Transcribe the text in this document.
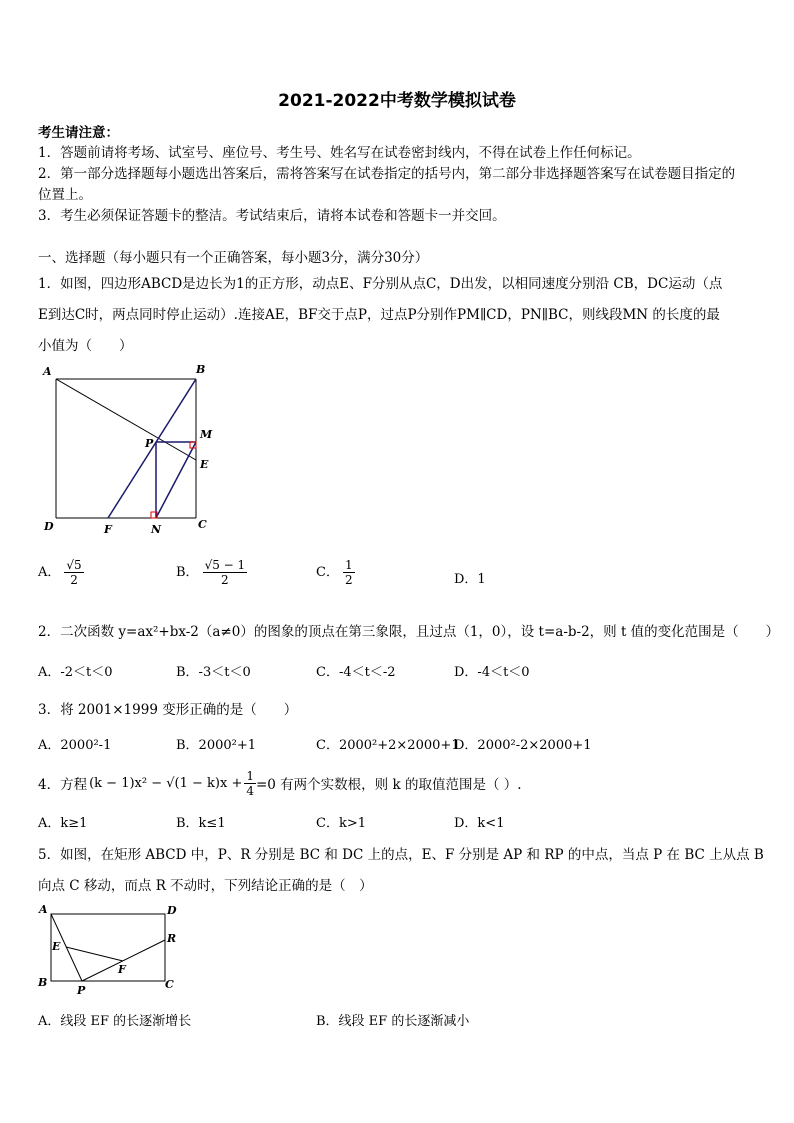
2021-2022中考数学模拟试卷
考生请注意：
1．答题前请将考场、试室号、座位号、考生号、姓名写在试卷密封线内，不得在试卷上作任何标记。
2．第一部分选择题每小题选出答案后，需将答案写在试卷指定的括号内，第二部分非选择题答案写在试卷题目指定的
位置上。
3．考生必须保证答题卡的整洁。考试结束后，请将本试卷和答题卡一并交回。
一、选择题（每小题只有一个正确答案，每小题3分，满分30分）
1．如图，四边形ABCD是边长为1的正方形，动点E、F分别从点C，D出发，以相同速度分别沿 CB，DC运动（点
E到达C时，两点同时停止运动）.连接AE，BF交于点P，过点P分别作PM∥CD，PN∥BC，则线段MN 的长度的最
小值为（　　）
A	B
P
M
E
D	F	N	C
A． $\frac{√5}{2}$	B． $\frac{√5 - 1}{2}$	C． $\frac{1}{2}$	D．1
2．二次函数 y=ax²+bx-2（a≠0）的图象的顶点在第三象限，且过点（1，0），设 t=a-b-2，则 t 值的变化范围是（　　）
A．-2＜t＜0	B．-3＜t＜0	C．-4＜t＜-2	D．-4＜t＜0
3．将 2001×1999 变形正确的是（　　）
A．2000²-1	B．2000²+1	C．2000²+2×2000+1
D．2000²-2×2000+1
4．方程 $(k - 1)x^2 - √(1 - k)x + \frac{1}{4} =0$ 有两个实数根，则 k 的取值范围是（ ）.
A．k≥1	B．k≤1	C．k>1	D．k<1
5．如图，在矩形 ABCD 中，P、R 分别是 BC 和 DC 上的点，E、F 分别是 AP 和 RP 的中点，当点 P 在 BC 上从点 B
向点 C 移动，而点 R 不动时，下列结论正确的是（　）
A	D
E
R
F
B
P	C
A．线段 EF 的长逐渐增长	B．线段 EF 的长逐渐减小
